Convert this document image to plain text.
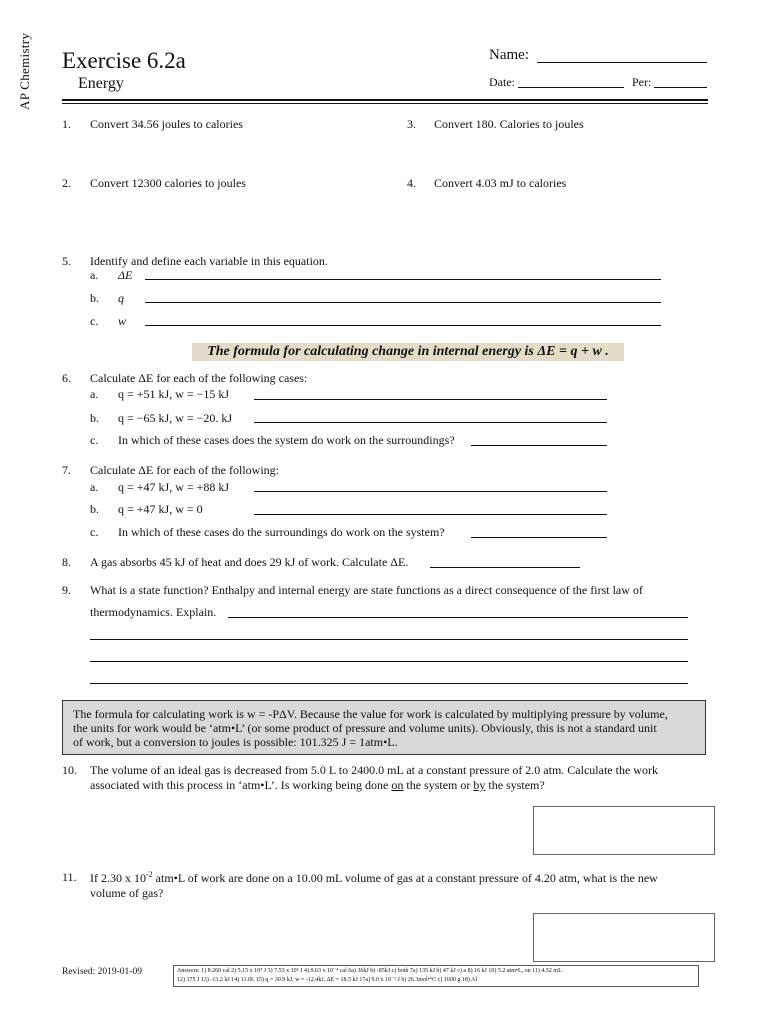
AP Chemistry Exercise 6.2a
Energy
Name:
Date:	Per:
1. Convert 34.56 joules to calories	3. Convert 180. Calories to joules
2. Convert 12300 calories to joules	4. Convert 4.03 mJ to calories
5. Identify and define each variable in this equation.
a. ΔE
b. q
c. w
The formula for calculating change in internal energy is ΔE = q + w .
6. Calculate ΔE for each of the following cases:
a. q = +51 kJ, w = −15 kJ
b. q = −65 kJ, w = −20. kJ
c. In which of these cases does the system do work on the surroundings?
7. Calculate ΔE for each of the following:
a. q = +47 kJ, w = +88 kJ
b. q = +47 kJ, w = 0
c. In which of these cases do the surroundings do work on the system?
8. A gas absorbs 45 kJ of heat and does 29 kJ of work. Calculate ΔE.
9. What is a state function? Enthalpy and internal energy are state functions as a direct consequence of the first law of
thermodynamics. Explain.
The formula for calculating work is w = -PΔV. Because the value for work is calculated by multiplying pressure by volume,
the units for work would be ‘atm•L’ (or some product of pressure and volume units). Obviously, this is not a standard unit
of work, but a conversion to joules is possible: 101.325 J = 1atm•L.
10. The volume of an ideal gas is decreased from 5.0 L to 2400.0 mL at a constant pressure of 2.0 atm. Calculate the work
associated with this process in ‘atm•L’. Is working being done on the system or by the system?
11. If 2.30 x $10^{-2}$ atm•L of work are done on a 10.00 mL volume of gas at a constant pressure of 4.20 atm, what is the new
volume of gas?
Revised: 2019-01-09	Answers: 1) 8.260 cal 2) 5.15 x 10⁴ J 3) 7.53 x 10⁵ J 4) 9.63 x 10⁻⁴ cal 6a) 36kJ b) -85kJ c) both 7a) 135 kJ b) 47 kJ c) a 8) 16 kJ 10) 5.2 atm•L, on 11) 4.52 mL
12) 375 J 13) -13.2 kJ 14) 11.0L 15) q = 30.9 kJ, w = -12.4kJ, ΔE = 18.5 kJ 17a) 9.0 x 10⁻² J b) 26.3mol•°C c) 1600 g 18) Al
